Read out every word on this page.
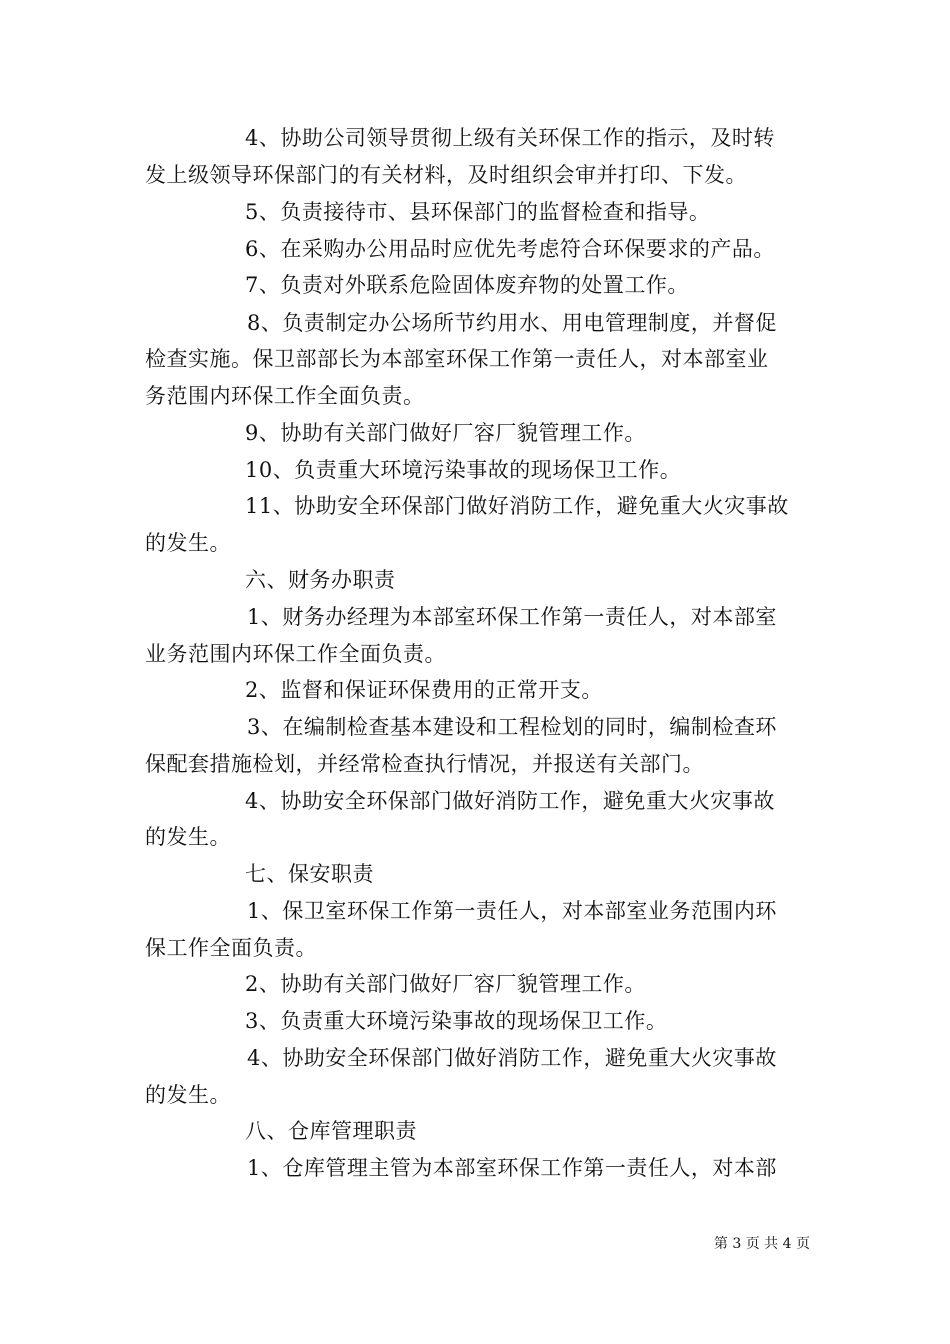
4、协助公司领导贯彻上级有关环保工作的指示，及时转
发上级领导环保部门的有关材料，及时组织会审并打印、下发。
5、负责接待市、县环保部门的监督检查和指导。
6、在采购办公用品时应优先考虑符合环保要求的产品。
7、负责对外联系危险固体废弃物的处置工作。
8、负责制定办公场所节约用水、用电管理制度，并督促
检查实施。保卫部部长为本部室环保工作第一责任人，对本部室业
务范围内环保工作全面负责。
9、协助有关部门做好厂容厂貌管理工作。
10、负责重大环境污染事故的现场保卫工作。
11、协助安全环保部门做好消防工作，避免重大火灾事故
的发生。
六、财务办职责
1、财务办经理为本部室环保工作第一责任人，对本部室
业务范围内环保工作全面负责。
2、监督和保证环保费用的正常开支。
3、在编制检查基本建设和工程检划的同时，编制检查环
保配套措施检划，并经常检查执行情况，并报送有关部门。
4、协助安全环保部门做好消防工作，避免重大火灾事故
的发生。
七、保安职责
1、保卫室环保工作第一责任人，对本部室业务范围内环
保工作全面负责。
2、协助有关部门做好厂容厂貌管理工作。
3、负责重大环境污染事故的现场保卫工作。
4、协助安全环保部门做好消防工作，避免重大火灾事故
的发生。
八、仓库管理职责
1、仓库管理主管为本部室环保工作第一责任人，对本部
第 3 页 共 4 页
